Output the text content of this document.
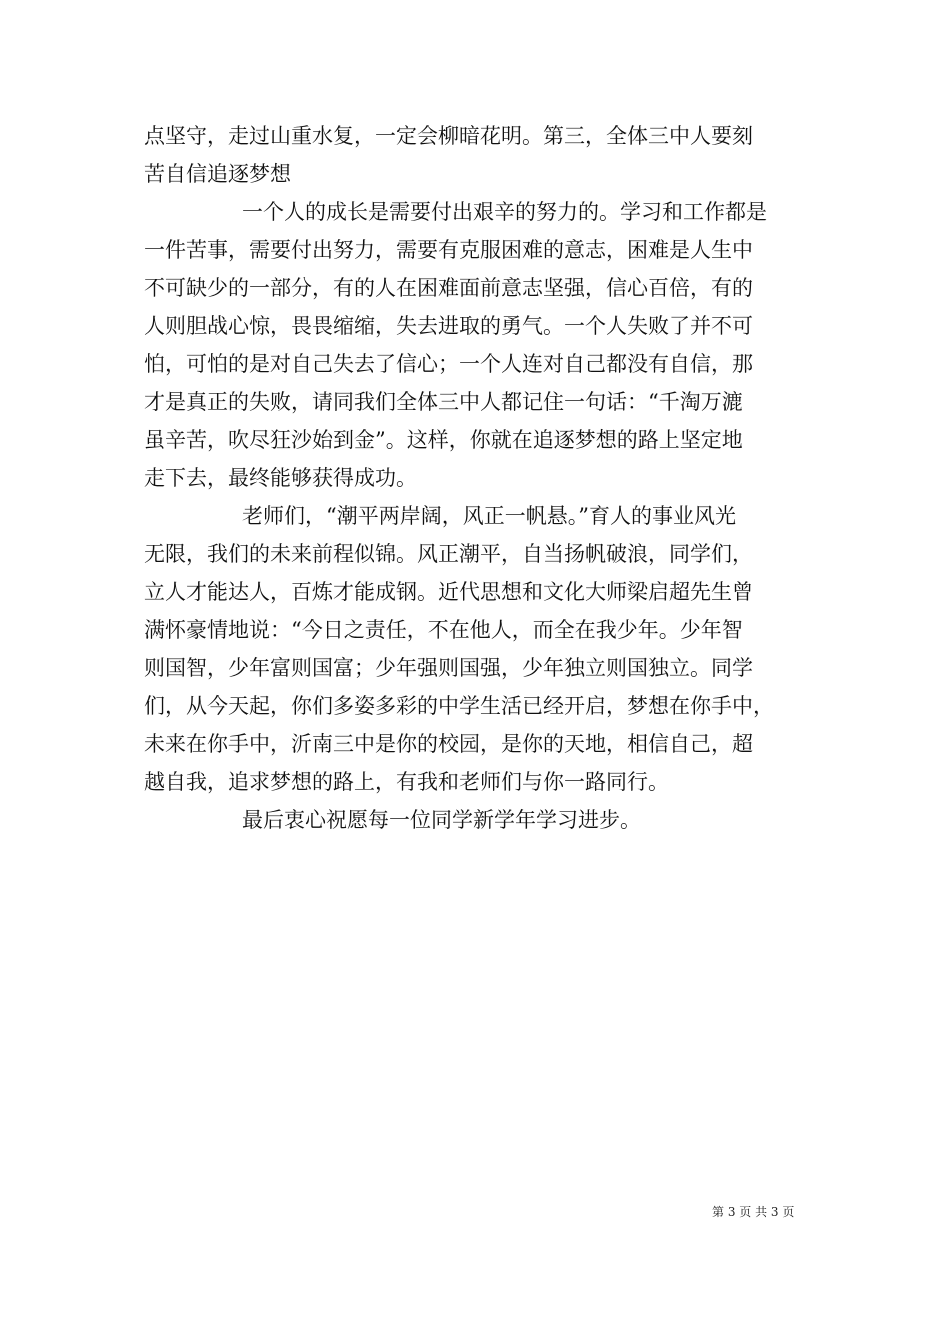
点坚守，走过山重水复，一定会柳暗花明。第三，全体三中人要刻
苦自信追逐梦想
一个人的成长是需要付出艰辛的努力的。学习和工作都是
一件苦事，需要付出努力，需要有克服困难的意志，困难是人生中
不可缺少的一部分，有的人在困难面前意志坚强，信心百倍，有的
人则胆战心惊，畏畏缩缩，失去进取的勇气。一个人失败了并不可
怕，可怕的是对自己失去了信心；一个人连对自己都没有自信，那
才是真正的失败，请同我们全体三中人都记住一句话：“千淘万漉
虽辛苦，吹尽狂沙始到金”。这样，你就在追逐梦想的路上坚定地
走下去，最终能够获得成功。
老师们，“潮平两岸阔，风正一帆悬。”育人的事业风光
无限，我们的未来前程似锦。风正潮平，自当扬帆破浪，同学们，
立人才能达人，百炼才能成钢。近代思想和文化大师梁启超先生曾
满怀豪情地说：“今日之责任，不在他人，而全在我少年。少年智
则国智，少年富则国富；少年强则国强，少年独立则国独立。同学
们，从今天起，你们多姿多彩的中学生活已经开启，梦想在你手中，
未来在你手中，沂南三中是你的校园，是你的天地，相信自己，超
越自我，追求梦想的路上，有我和老师们与你一路同行。
最后衷心祝愿每一位同学新学年学习进步。
第 3 页 共 3 页
